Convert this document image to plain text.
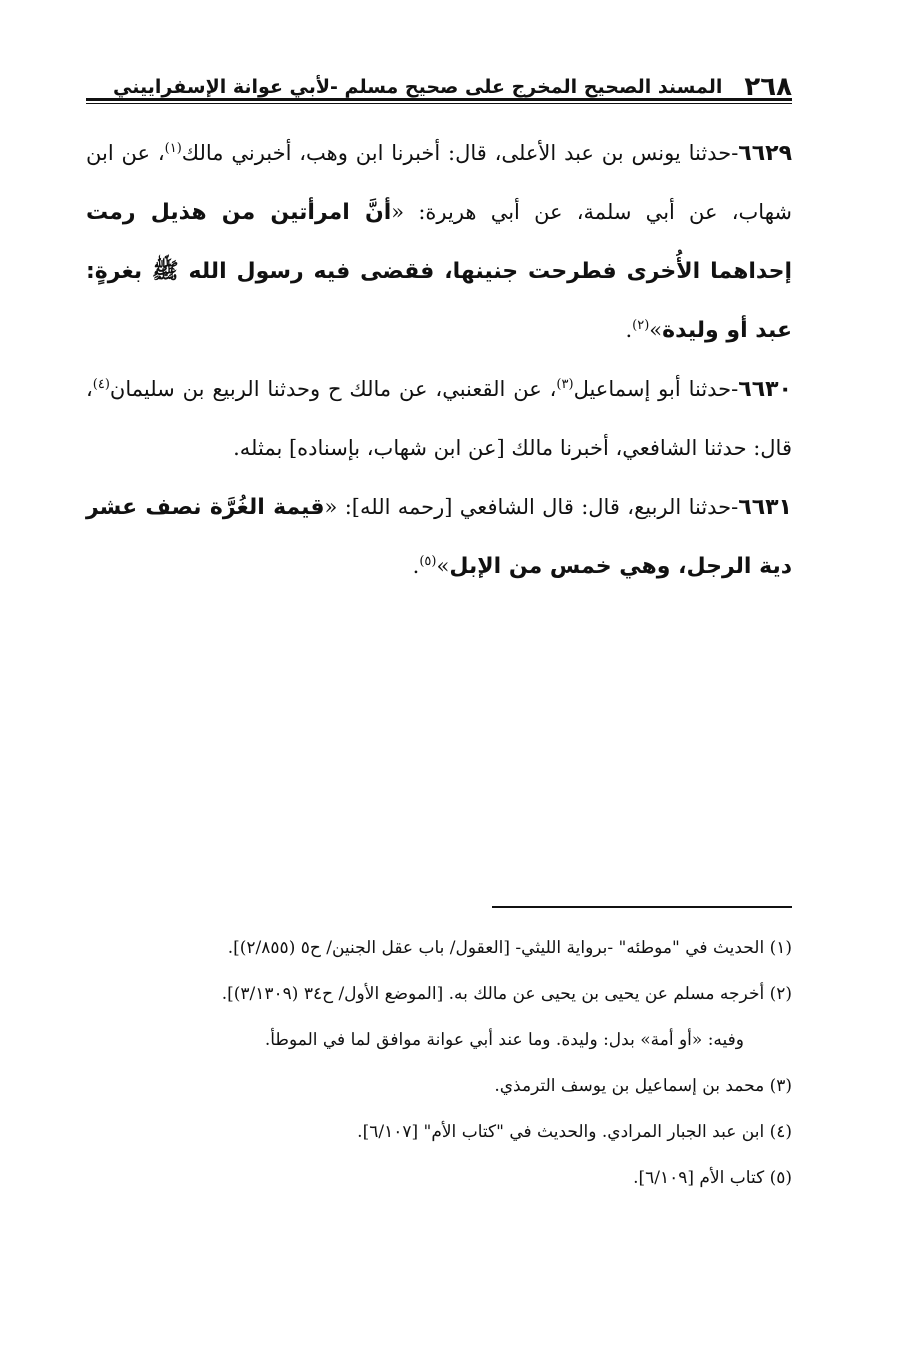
٢٦٨
المسند الصحيح المخرج على صحيح مسلم -لأبي عوانة الإسفراييني

٦٦٢٩-حدثنا يونس بن عبد الأعلى، قال: أخبرنا ابن وهب، أخبرني مالك$^{(١)}$، عن ابن شهاب، عن أبي سلمة، عن أبي هريرة: «أنَّ امرأتين من هذيل رمت إحداهما الأُخرى فطرحت جنينها، فقضى فيه رسول الله ﷺ بغرةٍ: عبد أو وليدة»$^{(٢)}$.

٦٦٣٠-حدثنا أبو إسماعيل$^{(٣)}$، عن القعنبي، عن مالك ح وحدثنا الربيع بن سليمان$^{(٤)}$، قال: حدثنا الشافعي، أخبرنا مالك [عن ابن شهاب، بإسناده] بمثله.

٦٦٣١-حدثنا الربيع، قال: قال الشافعي [رحمه الله]: «قيمة الغُرَّة نصف عشر دية الرجل، وهي خمس من الإبل»$^{(٥)}$.

(١) الحديث في "موطئه" -برواية الليثي- [العقول/ باب عقل الجنين/ ح٥ (٢/٨٥٥)].

(٢) أخرجه مسلم عن يحيى بن يحيى عن مالك به. [الموضع الأول/ ح٣٤ (٣/١٣٠٩)].

وفيه: «أو أمة» بدل: وليدة. وما عند أبي عوانة موافق لما في الموطأ.

(٣) محمد بن إسماعيل بن يوسف الترمذي.

(٤) ابن عبد الجبار المرادي. والحديث في "كتاب الأم" [٦/١٠٧].

(٥) كتاب الأم [٦/١٠٩].
